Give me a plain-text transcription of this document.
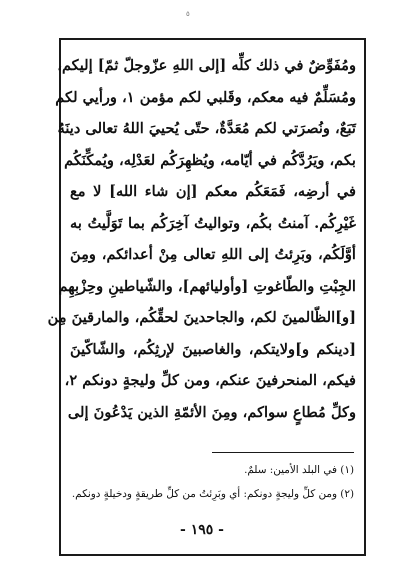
٥
ومُفَوِّضٌ في ذلك كلِّه [إلى اللهِ عزّوجلّ ثمّ] إليكم،
ومُسَلِّمٌ فيه معكم، وقَلبي لكم مؤمن ١، ورأيي لكم
تَبَعٌ، ونُصرَتي لكم مُعَدَّةٌ، حتّى يُحييَ اللهُ تعالى دينَهُ
بكم، ويَرُدَّكُم في أيّامه، ويُظهِرَكُم لعَدْلِه، ويُمكِّنَكُم
في أرضِه، فَمَعَكُم معكم [إن شاء الله] لا مع
غَيْرِكُم. آمنتُ بكُم، وتواليتُ آخِرَكُم بما تَوَلَّيتُ به
أوَّلَكُم، وبَرِئتُ إلى اللهِ تعالى مِنْ أعدائكم، ومِنَ
الجِبْتِ والطّاغوتِ [وأوليائهم]، والشّياطينِ وحِزْبِهِم
[و]الظّالمينَ لكم، والجاحدينَ لحقِّكُم، والمارقينَ مِن
[دينكم و]ولايتكم، والغاصبينَ لإرثِكُم، والشّاكّينَ
فيكم، المنحرفينَ عنكم، ومن كلِّ وليجةٍ دونكم ٢،
وكلِّ مُطاعٍ سواكم، ومِنَ الأئمّةِ الذين يَدْعُونَ إلى
(١) في البلد الأمين: سلمٌ.
(٢) ومن كلِّ وليجةٍ دونكم: أي وبَرِئتُ من كلِّ طريقةٍ ودخيلةٍ دونكم.
- ١٩٥ -
